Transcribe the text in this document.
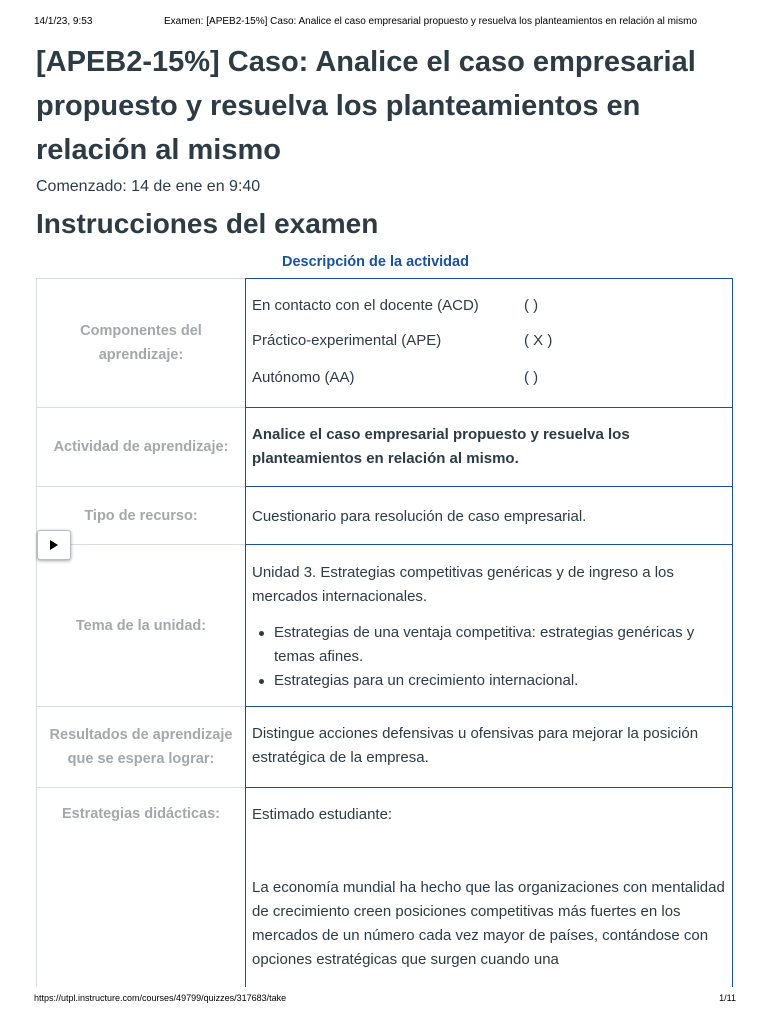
14/1/23, 9:53	Examen: [APEB2-15%] Caso: Analice el caso empresarial propuesto y resuelva los planteamientos en relación al mismo
[APEB2-15%] Caso: Analice el caso empresarial propuesto y resuelva los planteamientos en relación al mismo
Comenzado: 14 de ene en 9:40
Instrucciones del examen
Descripción de la actividad
Componentes del aprendizaje:
En contacto con el docente (ACD)	( )
Práctico-experimental (APE)	( X )
Autónomo (AA)	( )
Actividad de aprendizaje:
Analice el caso empresarial propuesto y resuelva los planteamientos en relación al mismo.
Tipo de recurso:	Cuestionario para resolución de caso empresarial.
Tema de la unidad:
Unidad 3. Estrategias competitivas genéricas y de ingreso a los mercados internacionales.
Estrategias de una ventaja competitiva: estrategias genéricas y temas afines.
Estrategias para un crecimiento internacional.
Resultados de aprendizaje que se espera lograr:
Distingue acciones defensivas u ofensivas para mejorar la posición estratégica de la empresa.
Estrategias didácticas:	Estimado estudiante:
La economía mundial ha hecho que las organizaciones con mentalidad de crecimiento creen posiciones competitivas más fuertes en los mercados de un número cada vez mayor de países, contándose con opciones estratégicas que surgen cuando una
https://utpl.instructure.com/courses/49799/quizzes/317683/take	1/11
